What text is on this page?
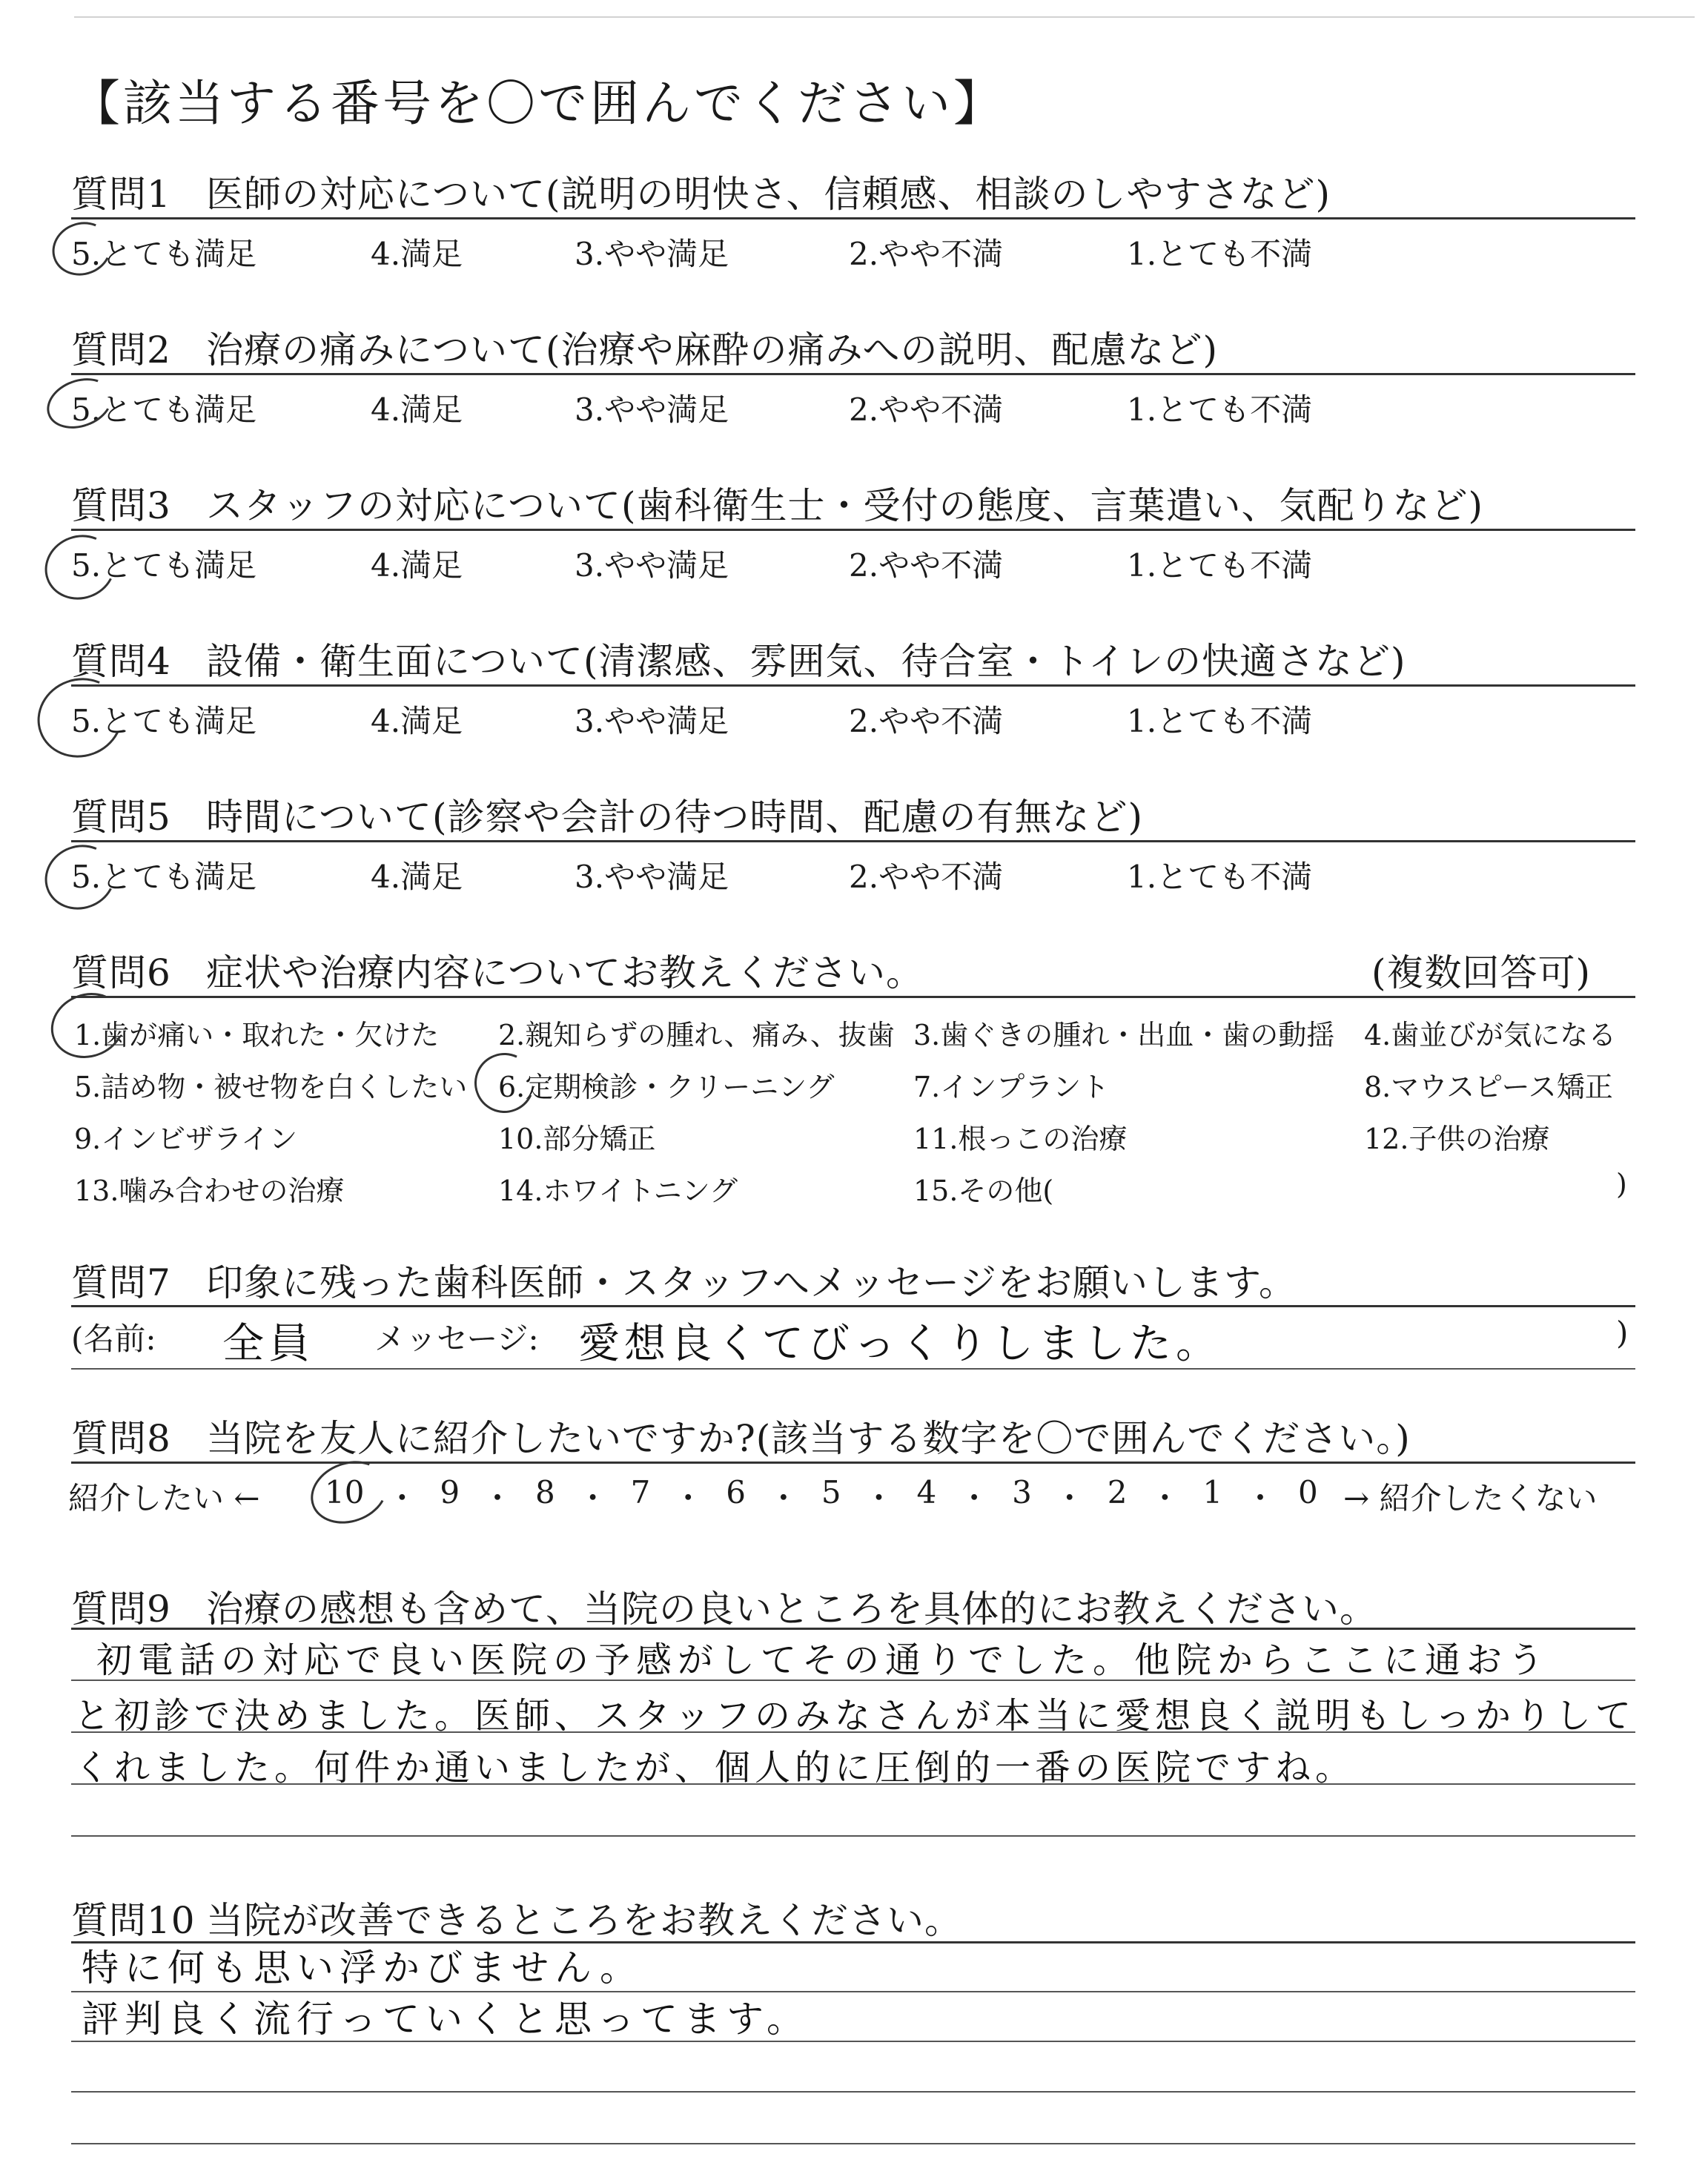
【該当する番号を〇で囲んでください】
質問1 医師の対応について(説明の明快さ、信頼感、相談のしやすさなど)
5.とても満足	4.満足	3.やや満足	2.やや不満	1.とても不満
質問2 治療の痛みについて(治療や麻酔の痛みへの説明、配慮など)
5.とても満足	4.満足	3.やや満足	2.やや不満	1.とても不満
質問3 スタッフの対応について(歯科衛生士・受付の態度、言葉遣い、気配りなど)
5.とても満足	4.満足	3.やや満足	2.やや不満	1.とても不満
質問4 設備・衛生面について(清潔感、雰囲気、待合室・トイレの快適さなど)
5.とても満足	4.満足	3.やや満足	2.やや不満	1.とても不満
質問5 時間について(診察や会計の待つ時間、配慮の有無など)
5.とても満足	4.満足	3.やや満足	2.やや不満	1.とても不満
質問6 症状や治療内容についてお教えください。	(複数回答可)
1.歯が痛い・取れた・欠けた 2.親知らずの腫れ、痛み、抜歯 3.歯ぐきの腫れ・出血・歯の動揺 4.歯並びが気になる
5.詰め物・被せ物を白くしたい 6.定期検診・クリーニング	7.インプラント	8.マウスピース矯正
9.インビザライン	10.部分矯正	11.根っこの治療	12.子供の治療
13.噛み合わせの治療	14.ホワイトニング	15.その他(	)
質問7 印象に残った歯科医師・スタッフへメッセージをお願いします。
(名前: 全員 メッセージ: 愛想良くてびっくりしました。	)
質問8 当院を友人に紹介したいですか?(該当する数字を〇で囲んでください。)
紹介したい ← 10 ・ 9 ・ 8 ・ 7 ・ 6 ・ 5 ・ 4 ・ 3 ・ 2 ・ 1 ・ 0 → 紹介したくない
質問9 治療の感想も含めて、当院の良いところを具体的にお教えください。
初電話の対応で良い医院の予感がしてその通りでした。他院からここに通おう
と初診で決めました。医師、スタッフのみなさんが本当に愛想良く説明もしっかりして
くれました。何件か通いましたが、個人的に圧倒的一番の医院ですね。
質問10 当院が改善できるところをお教えください。
特に何も思い浮かびません。
評判良く流行っていくと思ってます。
